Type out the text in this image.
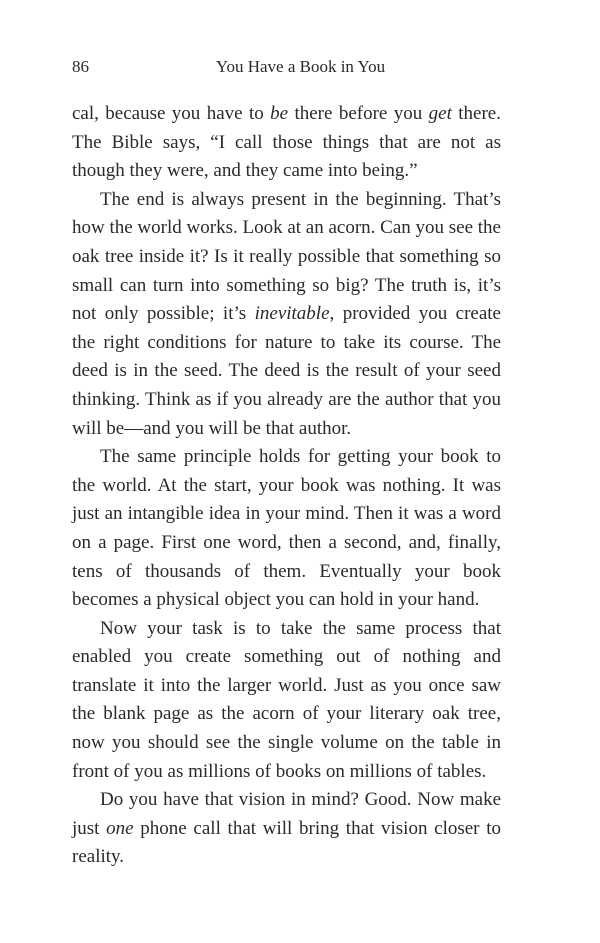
86	You Have a Book in You

cal, because you have to be there before you get there. The Bible says, “I call those things that are not as though they were, and they came into being.”

The end is always present in the beginning. That’s how the world works. Look at an acorn. Can you see the oak tree inside it? Is it really possible that something so small can turn into something so big? The truth is, it’s not only possible; it’s inevitable, provided you create the right conditions for nature to take its course. The deed is in the seed. The deed is the result of your seed thinking. Think as if you already are the author that you will be—and you will be that author.

The same principle holds for getting your book to the world. At the start, your book was nothing. It was just an intangible idea in your mind. Then it was a word on a page. First one word, then a second, and, finally, tens of thousands of them. Eventually your book becomes a physical object you can hold in your hand.

Now your task is to take the same process that enabled you create something out of nothing and translate it into the larger world. Just as you once saw the blank page as the acorn of your literary oak tree, now you should see the single volume on the table in front of you as millions of books on millions of tables.

Do you have that vision in mind? Good. Now make just one phone call that will bring that vision closer to reality.
